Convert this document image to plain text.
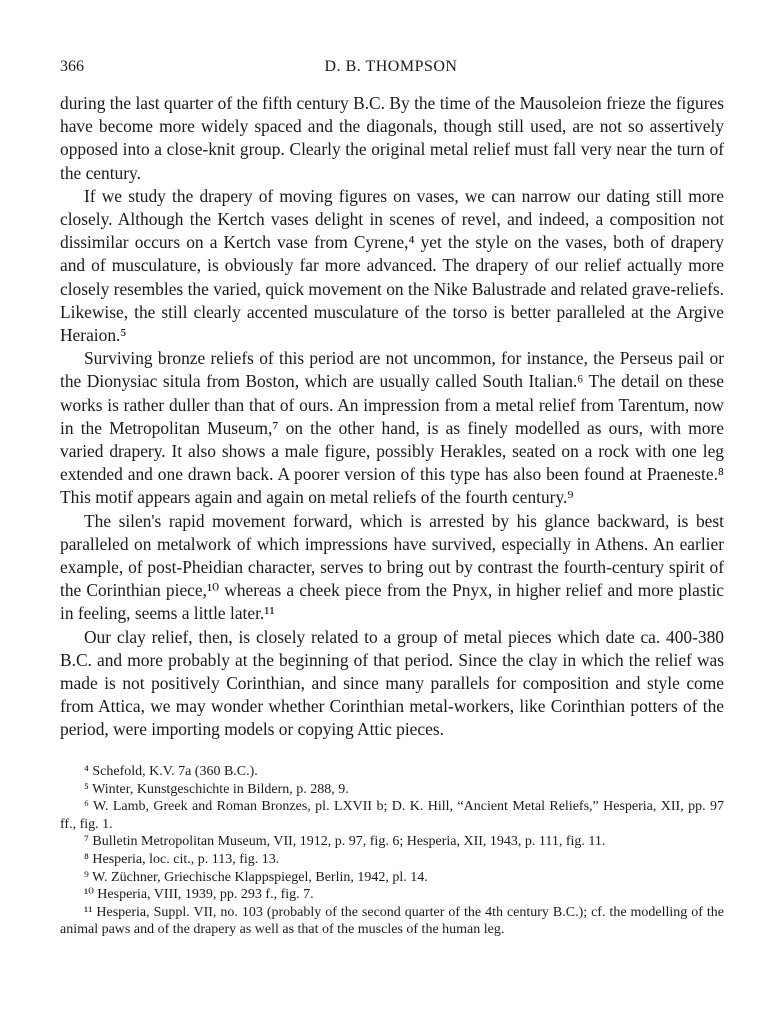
366	D. B. THOMPSON

during the last quarter of the fifth century B.C. By the time of the Mausoleion frieze the figures have become more widely spaced and the diagonals, though still used, are not so assertively opposed into a close-knit group. Clearly the original metal relief must fall very near the turn of the century.

If we study the drapery of moving figures on vases, we can narrow our dating still more closely. Although the Kertch vases delight in scenes of revel, and indeed, a composition not dissimilar occurs on a Kertch vase from Cyrene,⁴ yet the style on the vases, both of drapery and of musculature, is obviously far more advanced. The drapery of our relief actually more closely resembles the varied, quick movement on the Nike Balustrade and related grave-reliefs. Likewise, the still clearly accented musculature of the torso is better paralleled at the Argive Heraion.⁵

Surviving bronze reliefs of this period are not uncommon, for instance, the Perseus pail or the Dionysiac situla from Boston, which are usually called South Italian.⁶ The detail on these works is rather duller than that of ours. An impression from a metal relief from Tarentum, now in the Metropolitan Museum,⁷ on the other hand, is as finely modelled as ours, with more varied drapery. It also shows a male figure, possibly Herakles, seated on a rock with one leg extended and one drawn back. A poorer version of this type has also been found at Praeneste.⁸ This motif appears again and again on metal reliefs of the fourth century.⁹

The silen's rapid movement forward, which is arrested by his glance backward, is best paralleled on metalwork of which impressions have survived, especially in Athens. An earlier example, of post-Pheidian character, serves to bring out by contrast the fourth-century spirit of the Corinthian piece,¹⁰ whereas a cheek piece from the Pnyx, in higher relief and more plastic in feeling, seems a little later.¹¹

Our clay relief, then, is closely related to a group of metal pieces which date ca. 400-380 B.C. and more probably at the beginning of that period. Since the clay in which the relief was made is not positively Corinthian, and since many parallels for composition and style come from Attica, we may wonder whether Corinthian metal-workers, like Corinthian potters of the period, were importing models or copying Attic pieces.

⁴ Schefold, K.V. 7a (360 B.C.).

⁵ Winter, Kunstgeschichte in Bildern, p. 288, 9.

⁶ W. Lamb, Greek and Roman Bronzes, pl. LXVII b; D. K. Hill, “Ancient Metal Reliefs,” Hesperia, XII, pp. 97 ff., fig. 1.

⁷ Bulletin Metropolitan Museum, VII, 1912, p. 97, fig. 6; Hesperia, XII, 1943, p. 111, fig. 11.

⁸ Hesperia, loc. cit., p. 113, fig. 13.

⁹ W. Züchner, Griechische Klappspiegel, Berlin, 1942, pl. 14.

¹⁰ Hesperia, VIII, 1939, pp. 293 f., fig. 7.

¹¹ Hesperia, Suppl. VII, no. 103 (probably of the second quarter of the 4th century B.C.); cf. the modelling of the animal paws and of the drapery as well as that of the muscles of the human leg.
